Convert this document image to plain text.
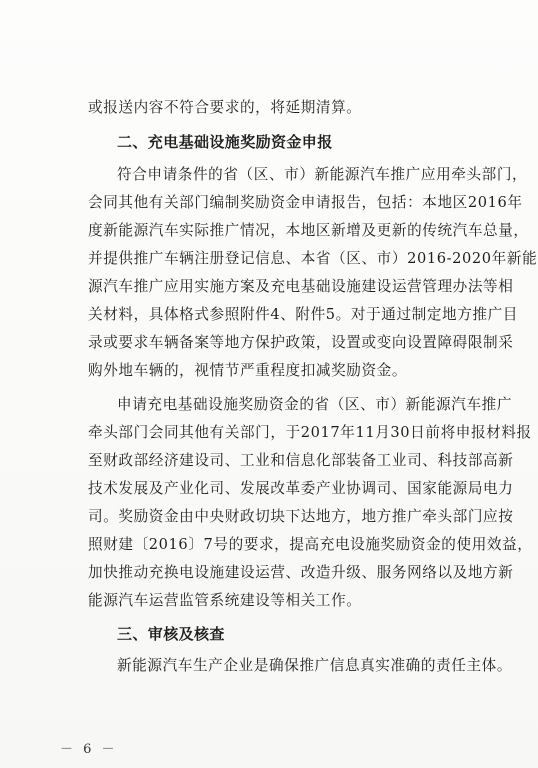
或报送内容不符合要求的，将延期清算。
二、充电基础设施奖励资金申报
符合申请条件的省（区、市）新能源汽车推广应用牵头部门，
会同其他有关部门编制奖励资金申请报告，包括：本地区2016年
度新能源汽车实际推广情况，本地区新增及更新的传统汽车总量，
并提供推广车辆注册登记信息、本省（区、市）2016-2020年新能
源汽车推广应用实施方案及充电基础设施建设运营管理办法等相
关材料，具体格式参照附件4、附件5。对于通过制定地方推广目
录或要求车辆备案等地方保护政策，设置或变向设置障碍限制采
购外地车辆的，视情节严重程度扣减奖励资金。
申请充电基础设施奖励资金的省（区、市）新能源汽车推广
牵头部门会同其他有关部门，于2017年11月30日前将申报材料报
至财政部经济建设司、工业和信息化部装备工业司、科技部高新
技术发展及产业化司、发展改革委产业协调司、国家能源局电力
司。奖励资金由中央财政切块下达地方，地方推广牵头部门应按
照财建〔2016〕7号的要求，提高充电设施奖励资金的使用效益，
加快推动充换电设施建设运营、改造升级、服务网络以及地方新
能源汽车运营监管系统建设等相关工作。
三、审核及核查
新能源汽车生产企业是确保推广信息真实准确的责任主体。
－ 6 －
